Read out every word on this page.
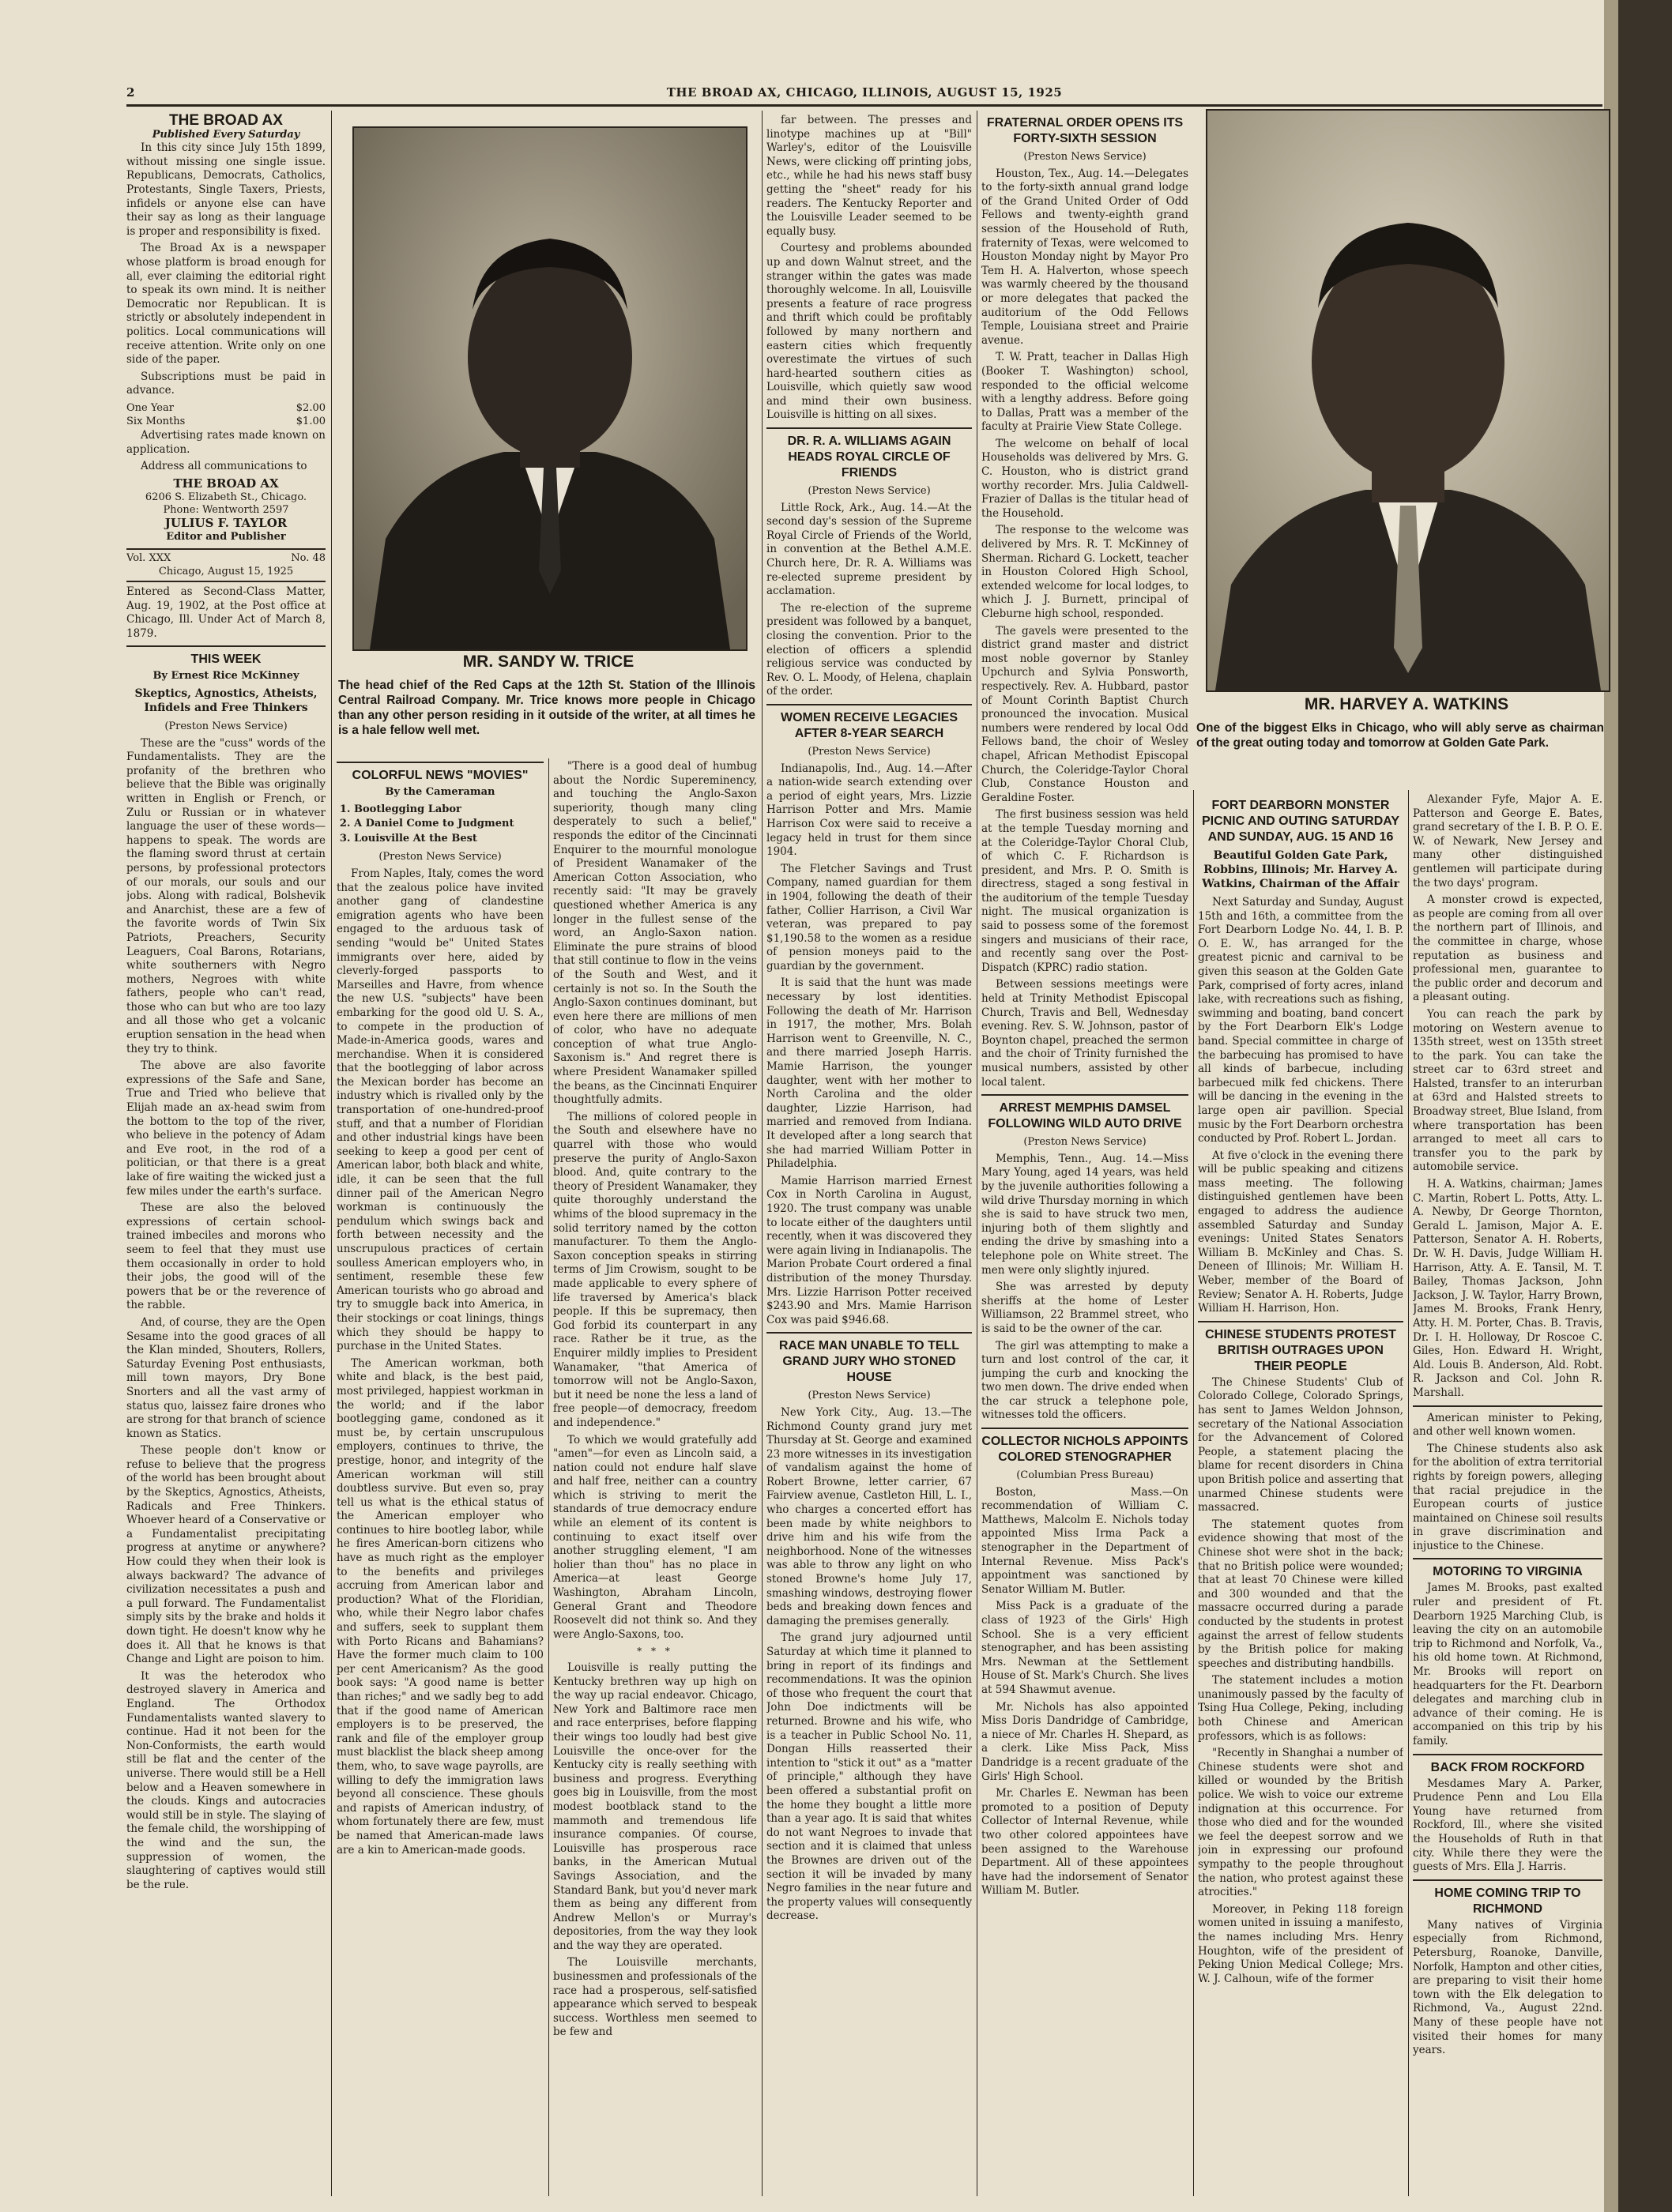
2	THE BROAD AX, CHICAGO, ILLINOIS, AUGUST 15, 1925
THE BROAD AX
Published Every Saturday

In this city since July 15th 1899, without missing one single issue. Republicans, Democrats, Catholics, Protestants, Single Taxers, Priests, infidels or anyone else can have their say as long as their language is proper and responsibility is fixed.

The Broad Ax is a newspaper whose platform is broad enough for all, ever claiming the editorial right to speak its own mind. It is neither Democratic nor Republican. It is strictly or absolutely independent in politics. Local communications will receive attention. Write only on one side of the paper.

Subscriptions must be paid in advance.

One Year	$2.00
Six Months	$1.00

Advertising rates made known on application.

Address all communications to

THE BROAD AX
6206 S. Elizabeth St., Chicago.
Phone: Wentworth 2597
JULIUS F. TAYLOR
Editor and Publisher
Vol. XXX	No. 48
Chicago, August 15, 1925

Entered as Second-Class Matter, Aug. 19, 1902, at the Post office at Chicago, Ill. Under Act of March 8, 1879.

THIS WEEK
By Ernest Rice McKinney
Skeptics, Agnostics, Atheists, Infidels and Free Thinkers

(Preston News Service)

These are the "cuss" words of the Fundamentalists. They are the profanity of the brethren who believe that the Bible was originally written in English or French, or Zulu or Russian or in whatever language the user of these words—happens to speak. The words are the flaming sword thrust at certain persons, by professional protectors of our morals, our souls and our jobs. Along with radical, Bolshevik and Anarchist, these are a few of the favorite words of Twin Six Patriots, Preachers, Security Leaguers, Coal Barons, Rotarians, white southerners with Negro mothers, Negroes with white fathers, people who can't read, those who can but who are too lazy and all those who get a volcanic eruption sensation in the head when they try to think.

The above are also favorite expressions of the Safe and Sane, True and Tried who believe that Elijah made an ax-head swim from the bottom to the top of the river, who believe in the potency of Adam and Eve root, in the rod of a politician, or that there is a great lake of fire waiting the wicked just a few miles under the earth's surface.

These are also the beloved expressions of certain school-trained imbeciles and morons who seem to feel that they must use them occasionally in order to hold their jobs, the good will of the powers that be or the reverence of the rabble.

And, of course, they are the Open Sesame into the good graces of all the Klan minded, Shouters, Rollers, Saturday Evening Post enthusiasts, mill town mayors, Dry Bone Snorters and all the vast army of status quo, laissez faire drones who are strong for that branch of science known as Statics.

These people don't know or refuse to believe that the progress of the world has been brought about by the Skeptics, Agnostics, Atheists, Radicals and Free Thinkers. Whoever heard of a Conservative or a Fundamentalist precipitating progress at anytime or anywhere? How could they when their look is always backward? The advance of civilization necessitates a push and a pull forward. The Fundamentalist simply sits by the brake and holds it down tight. He doesn't know why he does it. All that he knows is that Change and Light are poison to him.

It was the heterodox who destroyed slavery in America and England. The Orthodox Fundamentalists wanted slavery to continue. Had it not been for the Non-Conformists, the earth would still be flat and the center of the universe. There would still be a Hell below and a Heaven somewhere in the clouds. Kings and autocracies would still be in style. The slaying of the female child, the worshipping of the wind and the sun, the suppression of women, the slaughtering of captives would still be the rule.

MR. SANDY W. TRICE
The head chief of the Red Caps at the 12th St. Station of the Illinois Central Railroad Company. Mr. Trice knows more people in Chicago than any other person residing in it outside of the writer, at all times he is a hale fellow well met.
COLORFUL NEWS "MOVIES"
By the Cameraman
1. Bootlegging Labor
2. A Daniel Come to Judgment
3. Louisville At the Best

(Preston News Service)

From Naples, Italy, comes the word that the zealous police have invited another gang of clandestine emigration agents who have been engaged to the arduous task of sending "would be" United States immigrants over here, aided by cleverly-forged passports to Marseilles and Havre, from whence the new U.S. "subjects" have been embarking for the good old U. S. A., to compete in the production of Made-in-America goods, wares and merchandise. When it is considered that the bootlegging of labor across the Mexican border has become an industry which is rivalled only by the transportation of one-hundred-proof stuff, and that a number of Floridian and other industrial kings have been seeking to keep a good per cent of American labor, both black and white, idle, it can be seen that the full dinner pail of the American Negro workman is continuously the pendulum which swings back and forth between necessity and the unscrupulous practices of certain soulless American employers who, in sentiment, resemble these few American tourists who go abroad and try to smuggle back into America, in their stockings or coat linings, things which they should be happy to purchase in the United States.

The American workman, both white and black, is the best paid, most privileged, happiest workman in the world; and if the labor bootlegging game, condoned as it must be, by certain unscrupulous employers, continues to thrive, the prestige, honor, and integrity of the American workman will still doubtless survive. But even so, pray tell us what is the ethical status of the American employer who continues to hire bootleg labor, while he fires American-born citizens who have as much right as the employer to the benefits and privileges accruing from American labor and production? What of the Floridian, who, while their Negro labor chafes and suffers, seek to supplant them with Porto Ricans and Bahamians? Have the former much claim to 100 per cent Americanism? As the good book says: "A good name is better than riches;" and we sadly beg to add that if the good name of American employers is to be preserved, the rank and file of the employer group must blacklist the black sheep among them, who, to save wage payrolls, are willing to defy the immigration laws beyond all conscience. These ghouls and rapists of American industry, of whom fortunately there are few, must be named that American-made laws are a kin to American-made goods.

"There is a good deal of humbug about the Nordic Supereminency, and touching the Anglo-Saxon superiority, though many cling desperately to such a belief," responds the editor of the Cincinnati Enquirer to the mournful monologue of President Wanamaker of the American Cotton Association, who recently said: "It may be gravely questioned whether America is any longer in the fullest sense of the word, an Anglo-Saxon nation. Eliminate the pure strains of blood that still continue to flow in the veins of the South and West, and it certainly is not so. In the South the Anglo-Saxon continues dominant, but even here there are millions of men of color, who have no adequate conception of what true Anglo-Saxonism is." And regret there is where President Wanamaker spilled the beans, as the Cincinnati Enquirer thoughtfully admits.

The millions of colored people in the South and elsewhere have no quarrel with those who would preserve the purity of Anglo-Saxon blood. And, quite contrary to the theory of President Wanamaker, they quite thoroughly understand the whims of the blood supremacy in the solid territory named by the cotton manufacturer. To them the Anglo-Saxon conception speaks in stirring terms of Jim Crowism, sought to be made applicable to every sphere of life traversed by America's black people. If this be supremacy, then God forbid its counterpart in any race. Rather be it true, as the Enquirer mildly implies to President Wanamaker, "that America of tomorrow will not be Anglo-Saxon, but it need be none the less a land of free people—of democracy, freedom and independence."

To which we would gratefully add "amen"—for even as Lincoln said, a nation could not endure half slave and half free, neither can a country which is striving to merit the standards of true democracy endure while an element of its content is continuing to exact itself over another struggling element, "I am holier than thou" has no place in America—at least George Washington, Abraham Lincoln, General Grant and Theodore Roosevelt did not think so. And they were Anglo-Saxons, too.

* * *

Louisville is really putting the Kentucky brethren way up high on the way up racial endeavor. Chicago, New York and Baltimore race men and race enterprises, before flapping their wings too loudly had best give Louisville the once-over for the Kentucky city is really seething with business and progress. Everything goes big in Louisville, from the most modest bootblack stand to the mammoth and tremendous life insurance companies. Of course, Louisville has prosperous race banks, in the American Mutual Savings Association, and the Standard Bank, but you'd never mark them as being any different from Andrew Mellon's or Murray's depositories, from the way they look and the way they are operated.

The Louisville merchants, businessmen and professionals of the race had a prosperous, self-satisfied appearance which served to bespeak success. Worthless men seemed to be few and

far between. The presses and linotype machines up at "Bill" Warley's, editor of the Louisville News, were clicking off printing jobs, etc., while he had his news staff busy getting the "sheet" ready for his readers. The Kentucky Reporter and the Louisville Leader seemed to be equally busy.

Courtesy and problems abounded up and down Walnut street, and the stranger within the gates was made thoroughly welcome. In all, Louisville presents a feature of race progress and thrift which could be profitably followed by many northern and eastern cities which frequently overestimate the virtues of such hard-hearted southern cities as Louisville, which quietly saw wood and mind their own business. Louisville is hitting on all sixes.

DR. R. A. WILLIAMS AGAIN HEADS ROYAL CIRCLE OF FRIENDS

(Preston News Service)

Little Rock, Ark., Aug. 14.—At the second day's session of the Supreme Royal Circle of Friends of the World, in convention at the Bethel A.M.E. Church here, Dr. R. A. Williams was re-elected supreme president by acclamation.

The re-election of the supreme president was followed by a banquet, closing the convention. Prior to the election of officers a splendid religious service was conducted by Rev. O. L. Moody, of Helena, chaplain of the order.

WOMEN RECEIVE LEGACIES AFTER 8-YEAR SEARCH

(Preston News Service)

Indianapolis, Ind., Aug. 14.—After a nation-wide search extending over a period of eight years, Mrs. Lizzie Harrison Potter and Mrs. Mamie Harrison Cox were said to receive a legacy held in trust for them since 1904.

The Fletcher Savings and Trust Company, named guardian for them in 1904, following the death of their father, Collier Harrison, a Civil War veteran, was prepared to pay $1,190.58 to the women as a residue of pension moneys paid to the guardian by the government.

It is said that the hunt was made necessary by lost identities. Following the death of Mr. Harrison in 1917, the mother, Mrs. Bolah Harrison went to Greenville, N. C., and there married Joseph Harris. Mamie Harrison, the younger daughter, went with her mother to North Carolina and the older daughter, Lizzie Harrison, had married and removed from Indiana. It developed after a long search that she had married William Potter in Philadelphia.

Mamie Harrison married Ernest Cox in North Carolina in August, 1920. The trust company was unable to locate either of the daughters until recently, when it was discovered they were again living in Indianapolis. The Marion Probate Court ordered a final distribution of the money Thursday. Mrs. Lizzie Harrison Potter received $243.90 and Mrs. Mamie Harrison Cox was paid $946.68.

RACE MAN UNABLE TO TELL GRAND JURY WHO STONED HOUSE

(Preston News Service)

New York City., Aug. 13.—The Richmond County grand jury met Thursday at St. George and examined 23 more witnesses in its investigation of vandalism against the home of Robert Browne, letter carrier, 67 Fairview avenue, Castleton Hill, L. I., who charges a concerted effort has been made by white neighbors to drive him and his wife from the neighborhood. None of the witnesses was able to throw any light on who stoned Browne's home July 17, smashing windows, destroying flower beds and breaking down fences and damaging the premises generally.

The grand jury adjourned until Saturday at which time it planned to bring in report of its findings and recommendations. It was the opinion of those who frequent the court that John Doe indictments will be returned. Browne and his wife, who is a teacher in Public School No. 11, Dongan Hills reasserted their intention to "stick it out" as a "matter of principle," although they have been offered a substantial profit on the home they bought a little more than a year ago. It is said that whites do not want Negroes to invade that section and it is claimed that unless the Brownes are driven out of the section it will be invaded by many Negro families in the near future and the property values will consequently decrease.

FRATERNAL ORDER OPENS ITS FORTY-SIXTH SESSION

(Preston News Service)

Houston, Tex., Aug. 14.—Delegates to the forty-sixth annual grand lodge of the Grand United Order of Odd Fellows and twenty-eighth grand session of the Household of Ruth, fraternity of Texas, were welcomed to Houston Monday night by Mayor Pro Tem H. A. Halverton, whose speech was warmly cheered by the thousand or more delegates that packed the auditorium of the Odd Fellows Temple, Louisiana street and Prairie avenue.

T. W. Pratt, teacher in Dallas High (Booker T. Washington) school, responded to the official welcome with a lengthy address. Before going to Dallas, Pratt was a member of the faculty at Prairie View State College.

The welcome on behalf of local Households was delivered by Mrs. G. C. Houston, who is district grand worthy recorder. Mrs. Julia Caldwell-Frazier of Dallas is the titular head of the Household.

The response to the welcome was delivered by Mrs. R. T. McKinney of Sherman. Richard G. Lockett, teacher in Houston Colored High School, extended welcome for local lodges, to which J. J. Burnett, principal of Cleburne high school, responded.

The gavels were presented to the district grand master and district most noble governor by Stanley Upchurch and Sylvia Ponsworth, respectively. Rev. A. Hubbard, pastor of Mount Corinth Baptist Church pronounced the invocation. Musical numbers were rendered by local Odd Fellows band, the choir of Wesley chapel, African Methodist Episcopal Church, the Coleridge-Taylor Choral Club, Constance Houston and Geraldine Foster.

The first business session was held at the temple Tuesday morning and at the Coleridge-Taylor Choral Club, of which C. F. Richardson is president, and Mrs. P. O. Smith is directress, staged a song festival in the auditorium of the temple Tuesday night. The musical organization is said to possess some of the foremost singers and musicians of their race, and recently sang over the Post-Dispatch (KPRC) radio station.

Between sessions meetings were held at Trinity Methodist Episcopal Church, Travis and Bell, Wednesday evening. Rev. S. W. Johnson, pastor of Boynton chapel, preached the sermon and the choir of Trinity furnished the musical numbers, assisted by other local talent.

ARREST MEMPHIS DAMSEL FOLLOWING WILD AUTO DRIVE

(Preston News Service)

Memphis, Tenn., Aug. 14.—Miss Mary Young, aged 14 years, was held by the juvenile authorities following a wild drive Thursday morning in which she is said to have struck two men, injuring both of them slightly and ending the drive by smashing into a telephone pole on White street. The men were only slightly injured.

She was arrested by deputy sheriffs at the home of Lester Williamson, 22 Brammel street, who is said to be the owner of the car.

The girl was attempting to make a turn and lost control of the car, it jumping the curb and knocking the two men down. The drive ended when the car struck a telephone pole, witnesses told the officers.

COLLECTOR NICHOLS APPOINTS COLORED STENOGRAPHER

(Columbian Press Bureau)

Boston, Mass.—On recommendation of William C. Matthews, Malcolm E. Nichols today appointed Miss Irma Pack a stenographer in the Department of Internal Revenue. Miss Pack's appointment was sanctioned by Senator William M. Butler.

Miss Pack is a graduate of the class of 1923 of the Girls' High School. She is a very efficient stenographer, and has been assisting Mrs. Newman at the Settlement House of St. Mark's Church. She lives at 594 Shawmut avenue.

Mr. Nichols has also appointed Miss Doris Dandridge of Cambridge, a niece of Mr. Charles H. Shepard, as a clerk. Like Miss Pack, Miss Dandridge is a recent graduate of the Girls' High School.

Mr. Charles E. Newman has been promoted to a position of Deputy Collector of Internal Revenue, while two other colored appointees have been assigned to the Warehouse Department. All of these appointees have had the indorsement of Senator William M. Butler.

MR. HARVEY A. WATKINS
One of the biggest Elks in Chicago, who will ably serve as chairman of the great outing today and tomorrow at Golden Gate Park.
FORT DEARBORN MONSTER PICNIC AND OUTING SATURDAY AND SUNDAY, AUG. 15 AND 16
Beautiful Golden Gate Park, Robbins, Illinois; Mr. Harvey A. Watkins, Chairman of the Affair

Next Saturday and Sunday, August 15th and 16th, a committee from the Fort Dearborn Lodge No. 44, I. B. P. O. E. W., has arranged for the greatest picnic and carnival to be given this season at the Golden Gate Park, comprised of forty acres, inland lake, with recreations such as fishing, swimming and boating, band concert by the Fort Dearborn Elk's Lodge band. Special committee in charge of the barbecuing has promised to have all kinds of barbecue, including barbecued milk fed chickens. There will be dancing in the evening in the large open air pavillion. Special music by the Fort Dearborn orchestra conducted by Prof. Robert L. Jordan.

At five o'clock in the evening there will be public speaking and citizens mass meeting. The following distinguished gentlemen have been engaged to address the audience assembled Saturday and Sunday evenings: United States Senators William B. McKinley and Chas. S. Deneen of Illinois; Mr. William H. Weber, member of the Board of Review; Senator A. H. Roberts, Judge William H. Harrison, Hon.

CHINESE STUDENTS PROTEST BRITISH OUTRAGES UPON THEIR PEOPLE

The Chinese Students' Club of Colorado College, Colorado Springs, has sent to James Weldon Johnson, secretary of the National Association for the Advancement of Colored People, a statement placing the blame for recent disorders in China upon British police and asserting that unarmed Chinese students were massacred.

The statement quotes from evidence showing that most of the Chinese shot were shot in the back; that no British police were wounded; that at least 70 Chinese were killed and 300 wounded and that the massacre occurred during a parade conducted by the students in protest against the arrest of fellow students by the British police for making speeches and distributing handbills.

The statement includes a motion unanimously passed by the faculty of Tsing Hua College, Peking, including both Chinese and American professors, which is as follows:

"Recently in Shanghai a number of Chinese students were shot and killed or wounded by the British police. We wish to voice our extreme indignation at this occurrence. For those who died and for the wounded we feel the deepest sorrow and we join in expressing our profound sympathy to the people throughout the nation, who protest against these atrocities."

Moreover, in Peking 118 foreign women united in issuing a manifesto, the names including Mrs. Henry Houghton, wife of the president of Peking Union Medical College; Mrs. W. J. Calhoun, wife of the former

Alexander Fyfe, Major A. E. Patterson and George E. Bates, grand secretary of the I. B. P. O. E. W. of Newark, New Jersey and many other distinguished gentlemen will participate during the two days' program.

A monster crowd is expected, as people are coming from all over the northern part of Illinois, and the committee in charge, whose reputation as business and professional men, guarantee to the public order and decorum and a pleasant outing.

You can reach the park by motoring on Western avenue to 135th street, west on 135th street to the park. You can take the street car to 63rd street and Halsted, transfer to an interurban at 63rd and Halsted streets to Broadway street, Blue Island, from where transportation has been arranged to meet all cars to transfer you to the park by automobile service.

H. A. Watkins, chairman; James C. Martin, Robert L. Potts, Atty. L. A. Newby, Dr George Thornton, Gerald L. Jamison, Major A. E. Patterson, Senator A. H. Roberts, Dr. W. H. Davis, Judge William H. Harrison, Atty. A. E. Tansil, M. T. Bailey, Thomas Jackson, John Jackson, J. W. Taylor, Harry Brown, James M. Brooks, Frank Henry, Atty. H. M. Porter, Chas. B. Travis, Dr. I. H. Holloway, Dr Roscoe C. Giles, Hon. Edward H. Wright, Ald. Louis B. Anderson, Ald. Robt. R. Jackson and Col. John R. Marshall.

American minister to Peking, and other well known women.

The Chinese students also ask for the abolition of extra territorial rights by foreign powers, alleging that racial prejudice in the European courts of justice maintained on Chinese soil results in grave discrimination and injustice to the Chinese.

MOTORING TO VIRGINIA

James M. Brooks, past exalted ruler and president of Ft. Dearborn 1925 Marching Club, is leaving the city on an automobile trip to Richmond and Norfolk, Va., his old home town. At Richmond, Mr. Brooks will report on headquarters for the Ft. Dearborn delegates and marching club in advance of their coming. He is accompanied on this trip by his family.

BACK FROM ROCKFORD

Mesdames Mary A. Parker, Prudence Penn and Lou Ella Young have returned from Rockford, Ill., where she visited the Households of Ruth in that city. While there they were the guests of Mrs. Ella J. Harris.

HOME COMING TRIP TO RICHMOND

Many natives of Virginia especially from Richmond, Petersburg, Roanoke, Danville, Norfolk, Hampton and other cities, are preparing to visit their home town with the Elk delegation to Richmond, Va., August 22nd. Many of these people have not visited their homes for many years.
